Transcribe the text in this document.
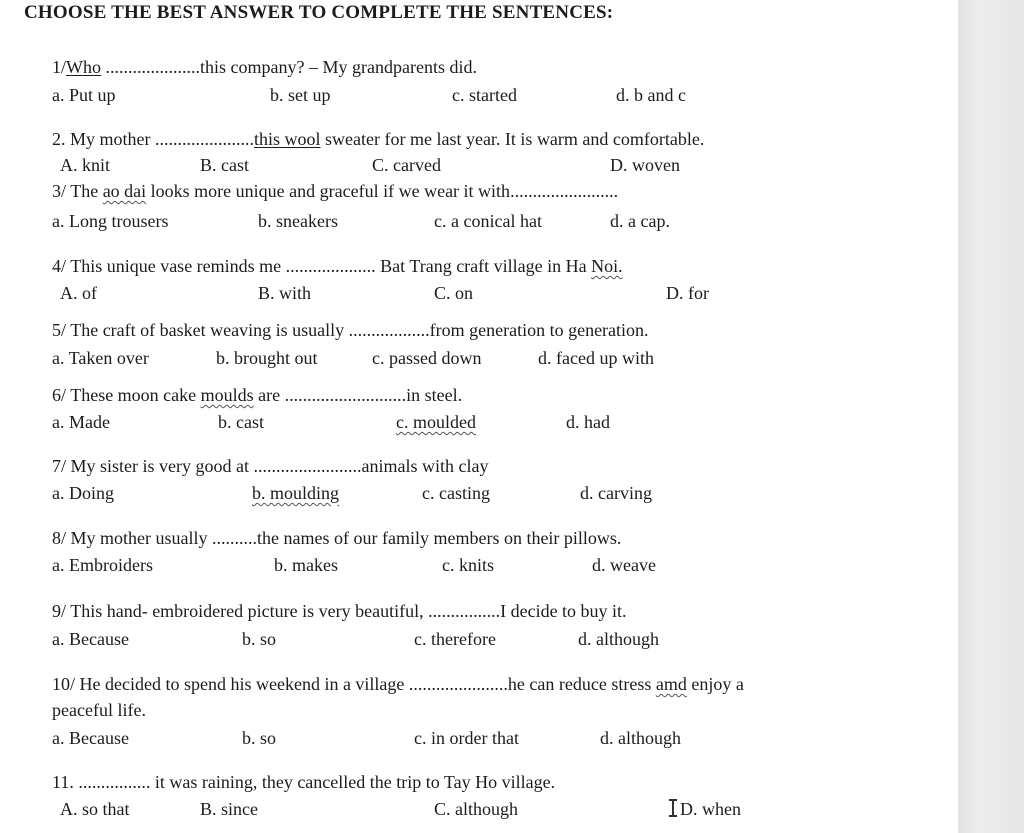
CHOOSE THE BEST ANSWER TO COMPLETE THE SENTENCES:
1/Who .....................this company? – My grandparents did.
a. Put up	b. set up	c. started	d. b and c
2. My mother ......................this wool sweater for me last year. It is warm and comfortable.
A. knit	B. cast	C. carved	D. woven
3/ The ao dai looks more unique and graceful if we wear it with........................
a. Long trousers	b. sneakers	c. a conical hat	d. a cap.
4/ This unique vase reminds me .................... Bat Trang craft village in Ha Noi.
A. of	B. with	C. on	D. for
5/ The craft of basket weaving is usually ..................from generation to generation.
a. Taken over	b. brought out	c. passed down	d. faced up with
6/ These moon cake moulds are ...........................in steel.
a. Made	b. cast	c. moulded	d. had
7/ My sister is very good at ........................animals with clay
a. Doing	b. moulding	c. casting	d. carving
8/ My mother usually ..........the names of our family members on their pillows.
a. Embroiders	b. makes	c. knits	d. weave
9/ This hand- embroidered picture is very beautiful, ................I decide to buy it.
a. Because	b. so	c. therefore	d. although
10/ He decided to spend his weekend in a village ......................he can reduce stress amd enjoy a
peaceful life.
a. Because	b. so	c. in order that	d. although
11. ................ it was raining, they cancelled the trip to Tay Ho village.
A. so that	B. since	C. although	D. when
